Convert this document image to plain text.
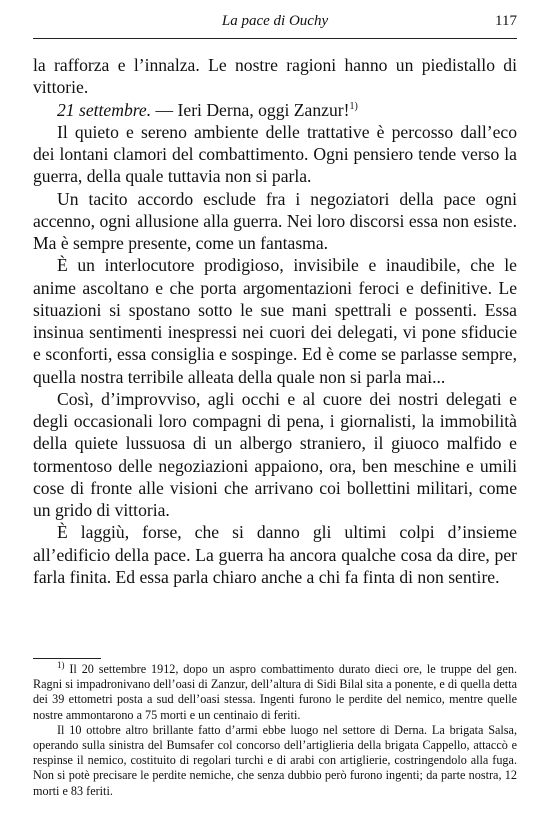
La pace di Ouchy	117

la rafforza e l’innalza. Le nostre ragioni hanno un piedistallo di vittorie.

21 settembre. — Ieri Derna, oggi Zanzur!$^{1)}$

Il quieto e sereno ambiente delle trattative è percosso dall’eco dei lontani clamori del combattimento. Ogni pensiero tende verso la guerra, della quale tuttavia non si parla.

Un tacito accordo esclude fra i negoziatori della pace ogni accenno, ogni allusione alla guerra. Nei loro discorsi essa non esiste. Ma è sempre presente, come un fantasma.

È un interlocutore prodigioso, invisibile e inaudibile, che le anime ascoltano e che porta argomentazioni feroci e definitive. Le situazioni si spostano sotto le sue mani spettrali e possenti. Essa insinua sentimenti inespressi nei cuori dei delegati, vi pone sfiducie e sconforti, essa consiglia e sospinge. Ed è come se parlasse sempre, quella nostra terribile alleata della quale non si parla mai...

Così, d’improvviso, agli occhi e al cuore dei nostri delegati e degli occasionali loro compagni di pena, i giornalisti, la immobilità della quiete lussuosa di un albergo straniero, il giuoco malfido e tormentoso delle negoziazioni appaiono, ora, ben meschine e umili cose di fronte alle visioni che arrivano coi bollettini militari, come un grido di vittoria.

È laggiù, forse, che si danno gli ultimi colpi d’insieme all’edificio della pace. La guerra ha ancora qualche cosa da dire, per farla finita. Ed essa parla chiaro anche a chi fa finta di non sentire.

$^{1)}$ Il 20 settembre 1912, dopo un aspro combattimento durato dieci ore, le truppe del gen. Ragni si impadronivano dell’oasi di Zanzur, dell’altura di Sidi Bilal sita a ponente, e di quella detta dei 39 ettometri posta a sud dell’oasi stessa. Ingenti furono le perdite del nemico, mentre quelle nostre ammontarono a 75 morti e un centinaio di feriti.

Il 10 ottobre altro brillante fatto d’armi ebbe luogo nel settore di Derna. La brigata Salsa, operando sulla sinistra del Bumsafer col concorso dell’artiglieria della brigata Cappello, attaccò e respinse il nemico, costituito di regolari turchi e di arabi con artiglierie, costringendolo alla fuga. Non si potè precisare le perdite nemiche, che senza dubbio però furono ingenti; da parte nostra, 12 morti e 83 feriti.
